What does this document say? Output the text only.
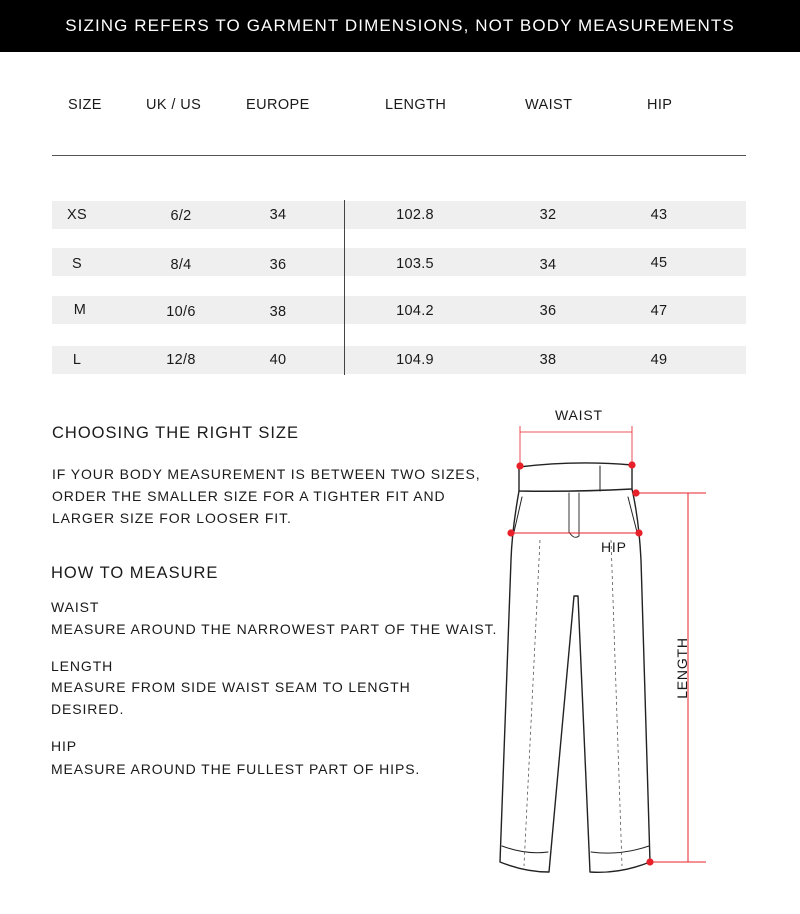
SIZING REFERS TO GARMENT DIMENSIONS, NOT BODY MEASUREMENTS
SIZE	UK / US	EUROPE	LENGTH	WAIST	HIP
XS	6/2	34	102.8	32	43
S	8/4	36	103.5	34	45
M	10/6	38	104.2	36	47
L	12/8	40	104.9	38	49
CHOOSING THE RIGHT SIZE
IF YOUR BODY MEASUREMENT IS BETWEEN TWO SIZES,
ORDER THE SMALLER SIZE FOR A TIGHTER FIT AND
LARGER SIZE FOR LOOSER FIT.
HOW TO MEASURE
WAIST
MEASURE AROUND THE NARROWEST PART OF THE WAIST.
LENGTH
MEASURE FROM SIDE WAIST SEAM TO LENGTH
DESIRED.
HIP
MEASURE AROUND THE FULLEST PART OF HIPS.
WAIST
HIP
LENGTH
